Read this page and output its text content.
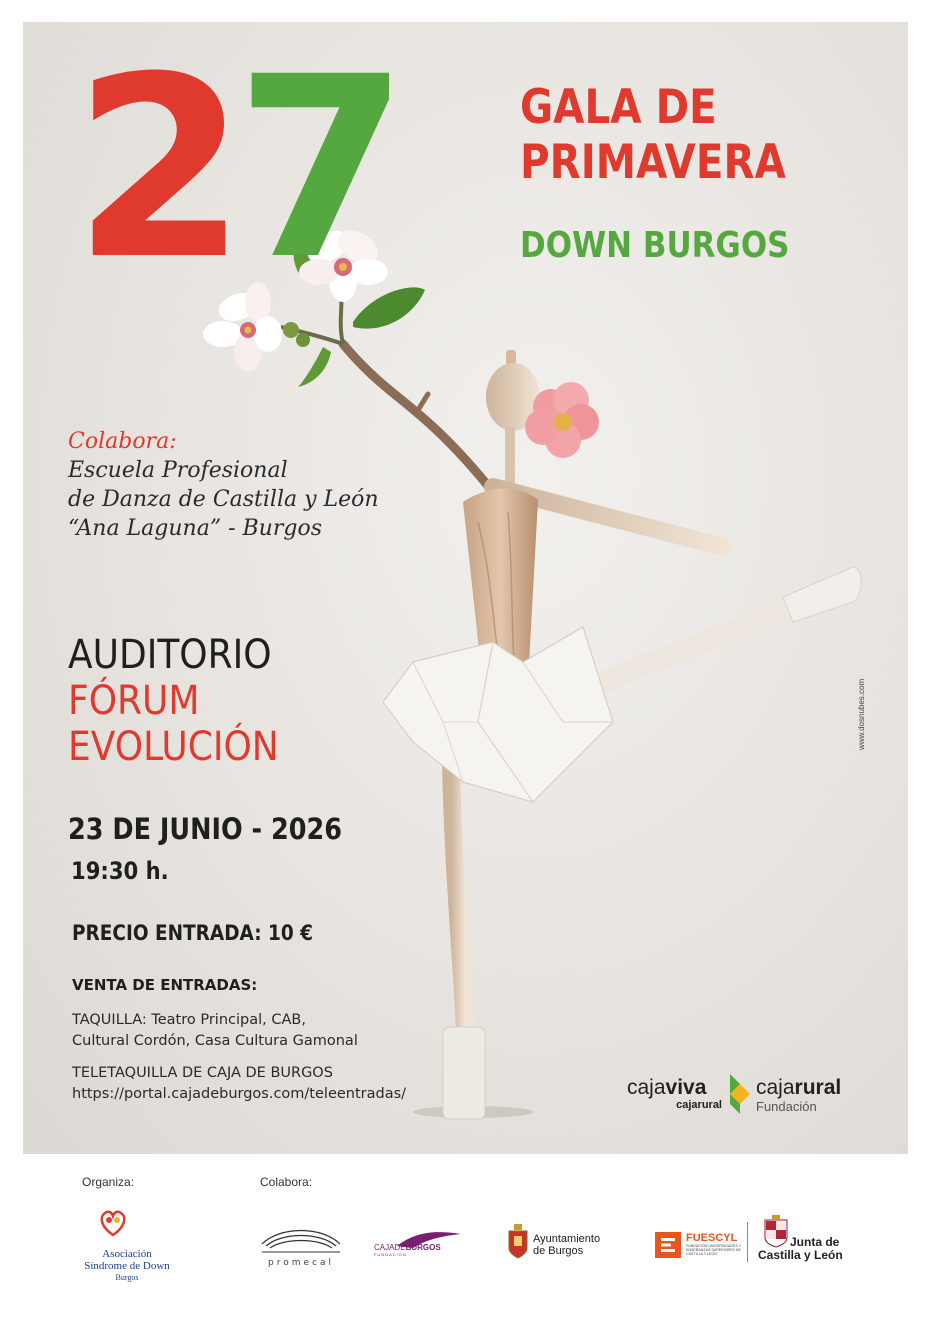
27	GALA DE
PRIMAVERA
DOWN BURGOS
Colabora:
Escuela Profesional
de Danza de Castilla y León
“Ana Laguna” - Burgos
AUDITORIO
FÓRUM
EVOLUCIÓN
23 DE JUNIO - 2026
19:30 h.
PRECIO ENTRADA: 10 €
VENTA DE ENTRADAS:
TAQUILLA: Teatro Principal, CAB,
Cultural Cordón, Casa Cultura Gamonal
TELETAQUILLA DE CAJA DE BURGOS
https://portal.cajadeburgos.com/teleentradas/
www.dosnubes.com
cajaviva
cajarural
cajarural
Fundación
Organiza:	Colabora:
Asociación
Síndrome de Down
Burgos
promecal
CAJADEBURGOS
FUNDACIÓN
Ayuntamiento
de Burgos
FUESCYL
FUNDACIÓN UNIVERSIDADES Y ENSEÑANZAS SUPERIORES DE CASTILLA Y LEÓN
Junta de
Castilla y León
